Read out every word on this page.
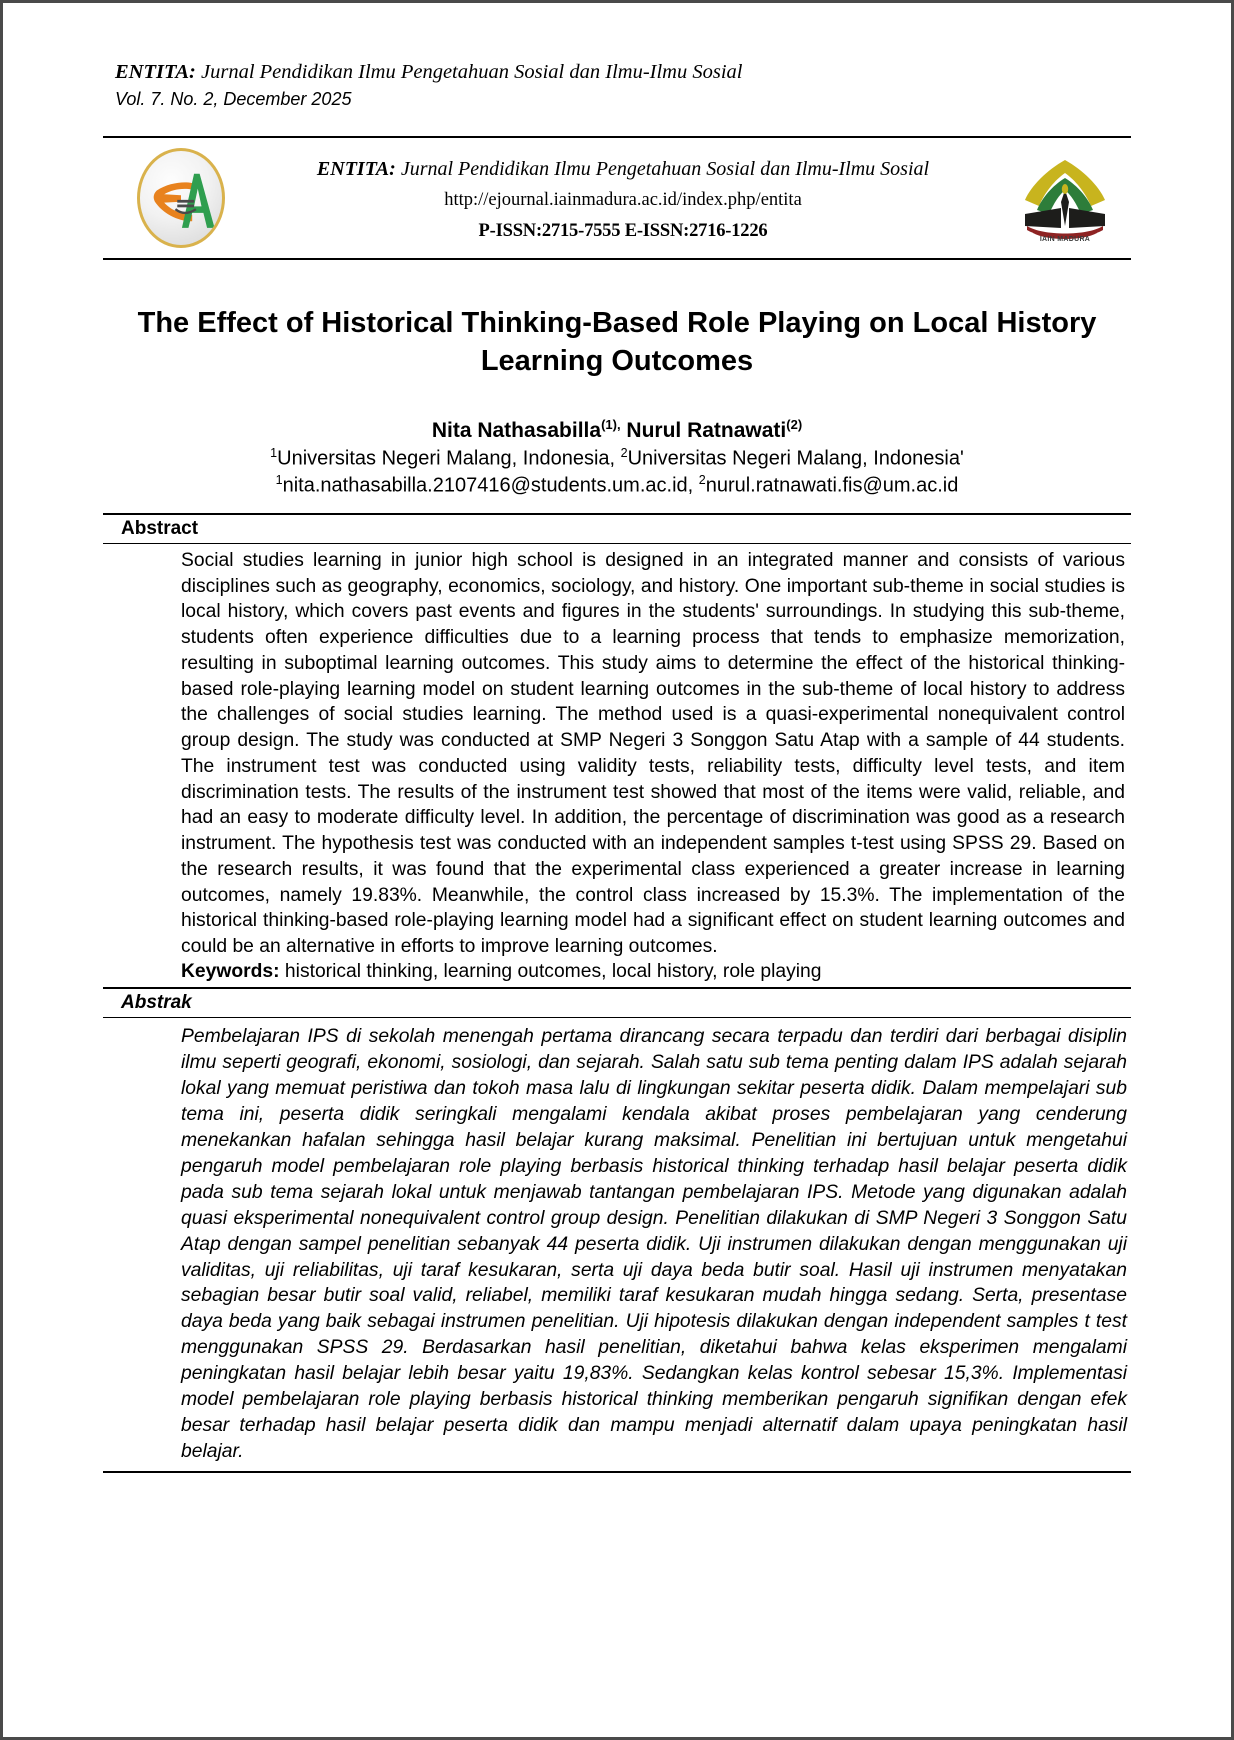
ENTITA: Jurnal Pendidikan Ilmu Pengetahuan Sosial dan Ilmu-Ilmu Sosial
Vol. 7. No. 2, December 2025
ENTITA: Jurnal Pendidikan Ilmu Pengetahuan Sosial dan Ilmu-Ilmu Sosial
http://ejournal.iainmadura.ac.id/index.php/entita
P-ISSN:2715-7555 E-ISSN:2716-1226	IAIN MADURA
The Effect of Historical Thinking-Based Role Playing on Local History Learning Outcomes
Nita Nathasabilla$^{(1),}$ Nurul Ratnawati$^{(2)}$
$^1$Universitas Negeri Malang, Indonesia, $^2$Universitas Negeri Malang, Indonesia'
$^1$nita.nathasabilla.2107416@students.um.ac.id, $^2$nurul.ratnawati.fis@um.ac.id
Abstract
Social studies learning in junior high school is designed in an integrated manner and consists of various disciplines such as geography, economics, sociology, and history. One important sub-theme in social studies is local history, which covers past events and figures in the students' surroundings. In studying this sub-theme, students often experience difficulties due to a learning process that tends to emphasize memorization, resulting in suboptimal learning outcomes. This study aims to determine the effect of the historical thinking-based role-playing learning model on student learning outcomes in the sub-theme of local history to address the challenges of social studies learning. The method used is a quasi-experimental nonequivalent control group design. The study was conducted at SMP Negeri 3 Songgon Satu Atap with a sample of 44 students. The instrument test was conducted using validity tests, reliability tests, difficulty level tests, and item discrimination tests. The results of the instrument test showed that most of the items were valid, reliable, and had an easy to moderate difficulty level. In addition, the percentage of discrimination was good as a research instrument. The hypothesis test was conducted with an independent samples t-test using SPSS 29. Based on the research results, it was found that the experimental class experienced a greater increase in learning outcomes, namely 19.83%. Meanwhile, the control class increased by 15.3%. The implementation of the historical thinking-based role-playing learning model had a significant effect on student learning outcomes and could be an alternative in efforts to improve learning outcomes.
Keywords: historical thinking, learning outcomes, local history, role playing
Abstrak
Pembelajaran IPS di sekolah menengah pertama dirancang secara terpadu dan terdiri dari berbagai disiplin ilmu seperti geografi, ekonomi, sosiologi, dan sejarah. Salah satu sub tema penting dalam IPS adalah sejarah lokal yang memuat peristiwa dan tokoh masa lalu di lingkungan sekitar peserta didik. Dalam mempelajari sub tema ini, peserta didik seringkali mengalami kendala akibat proses pembelajaran yang cenderung menekankan hafalan sehingga hasil belajar kurang maksimal. Penelitian ini bertujuan untuk mengetahui pengaruh model pembelajaran role playing berbasis historical thinking terhadap hasil belajar peserta didik pada sub tema sejarah lokal untuk menjawab tantangan pembelajaran IPS. Metode yang digunakan adalah quasi eksperimental nonequivalent control group design. Penelitian dilakukan di SMP Negeri 3 Songgon Satu Atap dengan sampel penelitian sebanyak 44 peserta didik. Uji instrumen dilakukan dengan menggunakan uji validitas, uji reliabilitas, uji taraf kesukaran, serta uji daya beda butir soal. Hasil uji instrumen menyatakan sebagian besar butir soal valid, reliabel, memiliki taraf kesukaran mudah hingga sedang. Serta, presentase daya beda yang baik sebagai instrumen penelitian. Uji hipotesis dilakukan dengan independent samples t test menggunakan SPSS 29. Berdasarkan hasil penelitian, diketahui bahwa kelas eksperimen mengalami peningkatan hasil belajar lebih besar yaitu 19,83%. Sedangkan kelas kontrol sebesar 15,3%. Implementasi model pembelajaran role playing berbasis historical thinking memberikan pengaruh signifikan dengan efek besar terhadap hasil belajar peserta didik dan mampu menjadi alternatif dalam upaya peningkatan hasil belajar.
